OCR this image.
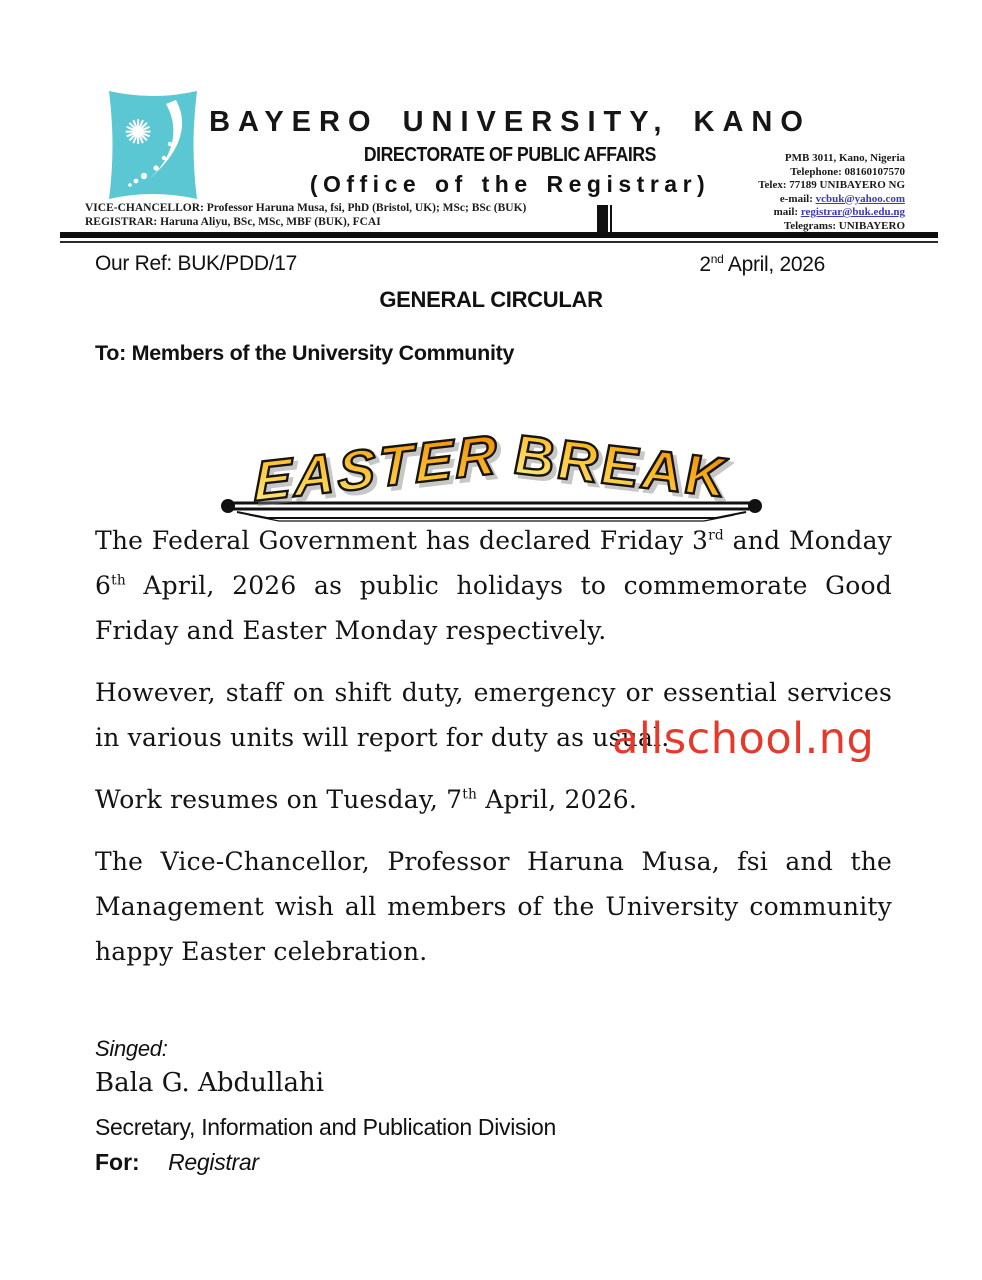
✺ BAYERO UNIVERSITY, KANO
DIRECTORATE OF PUBLIC AFFAIRS
(Office of the Registrar)
VICE-CHANCELLOR: Professor Haruna Musa, fsi, PhD (Bristol, UK); MSc; BSc (BUK)
REGISTRAR: Haruna Aliyu, BSc, MSc, MBF (BUK), FCAI
PMB 3011, Kano, Nigeria
Telephone: 08160107570
Telex: 77189 UNIBAYERO NG
e-mail: vcbuk@yahoo.com
mail: registrar@buk.edu.ng
Telegrams: UNIBAYERO
Our Ref: BUK/PDD/17	2nd April, 2026
GENERAL CIRCULAR
To: Members of the University Community
EASTER BREAK

The Federal Government has declared Friday 3rd and Monday 6th April, 2026 as public holidays to commemorate Good Friday and Easter Monday respectively.

However, staff on shift duty, emergency or essential services in various units will report for duty as usual.

Work resumes on Tuesday, 7th April, 2026.

The Vice-Chancellor, Professor Haruna Musa, fsi and the Management wish all members of the University community happy Easter celebration.

allschool.ng
Singed:
Bala G. Abdullahi
Secretary, Information and Publication Division
For: Registrar
